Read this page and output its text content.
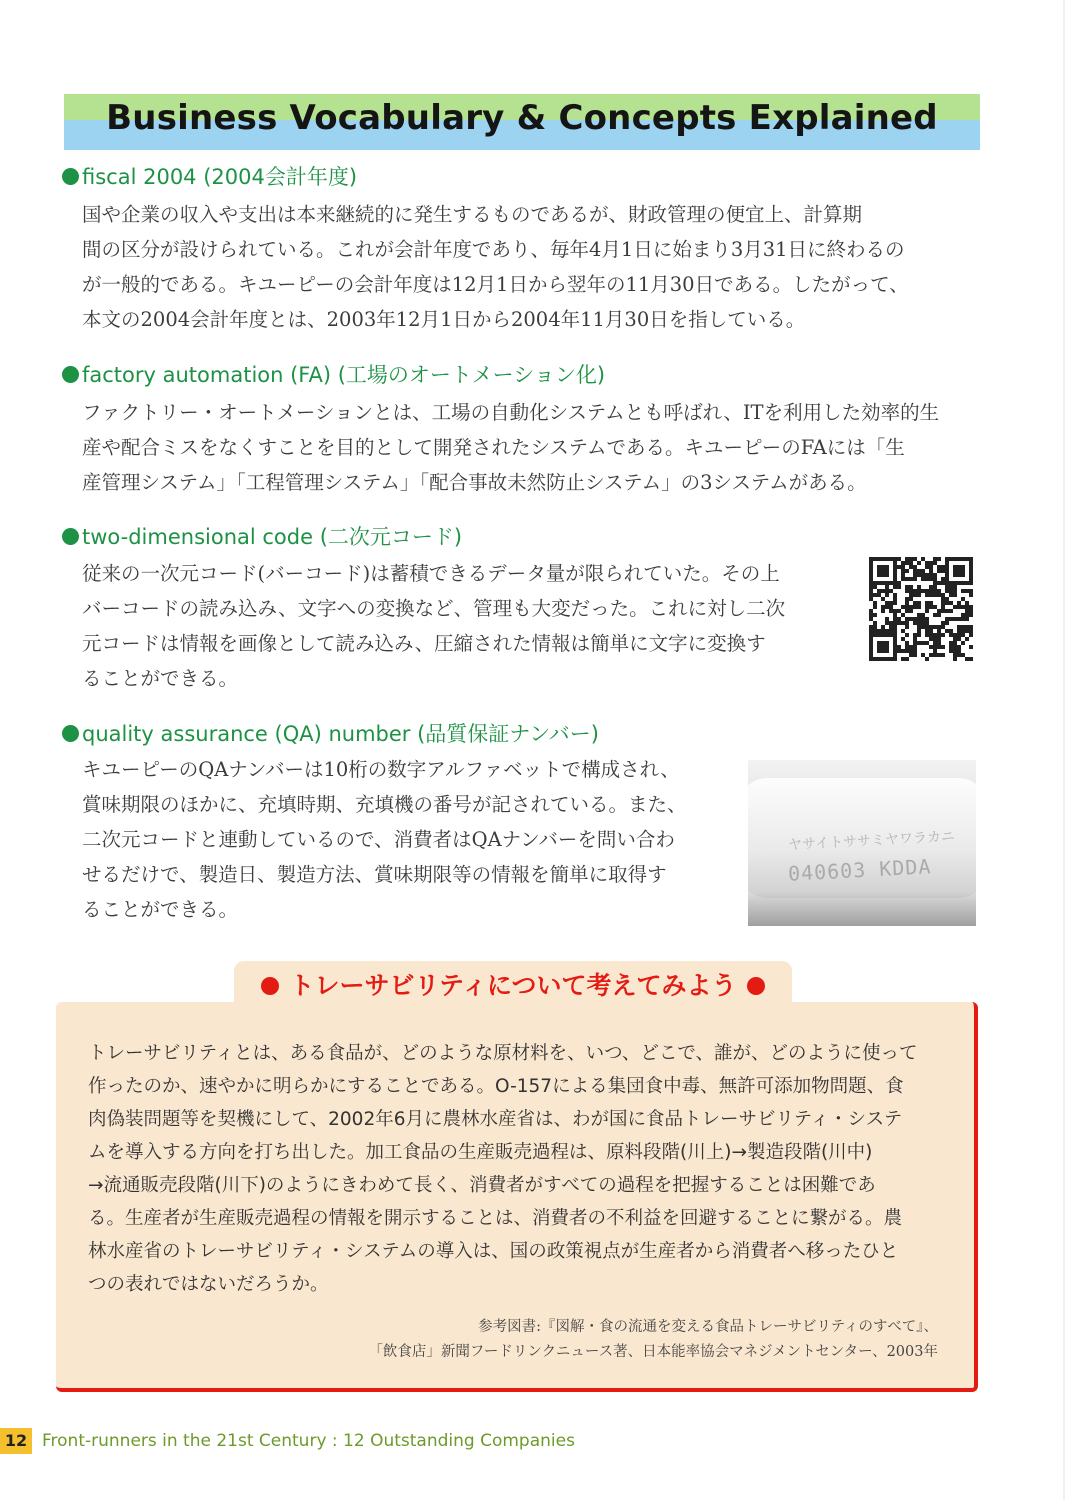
Business Vocabulary & Concepts Explained
fiscal 2004 (2004会計年度)
国や企業の収入や支出は本来継続的に発生するものであるが、財政管理の便宜上、計算期
間の区分が設けられている。これが会計年度であり、毎年4月1日に始まり3月31日に終わるの
が一般的である。キユーピーの会計年度は12月1日から翌年の11月30日である。したがって、
本文の2004会計年度とは、2003年12月1日から2004年11月30日を指している。
factory automation (FA) (工場のオートメーション化)
ファクトリー・オートメーションとは、工場の自動化システムとも呼ばれ、ITを利用した効率的生
産や配合ミスをなくすことを目的として開発されたシステムである。キユーピーのFAには「生
産管理システム」「工程管理システム」「配合事故未然防止システム」の3システムがある。
two-dimensional code (二次元コード)
従来の一次元コード(バーコード)は蓄積できるデータ量が限られていた。その上
バーコードの読み込み、文字への変換など、管理も大変だった。これに対し二次
元コードは情報を画像として読み込み、圧縮された情報は簡単に文字に変換す
ることができる。
quality assurance (QA) number (品質保証ナンバー)
キユーピーのQAナンバーは10桁の数字アルファベットで構成され、
賞味期限のほかに、充填時期、充填機の番号が記されている。また、
二次元コードと連動しているので、消費者はQAナンバーを問い合わ
せるだけで、製造日、製造方法、賞味期限等の情報を簡単に取得す
ることができる。
ヤサイトササミヤワラカニ
040603 KDDA
トレーサビリティについて考えてみよう
トレーサビリティとは、ある食品が、どのような原材料を、いつ、どこで、誰が、どのように使って
作ったのか、速やかに明らかにすることである。O-157による集団食中毒、無許可添加物問題、食
肉偽装問題等を契機にして、2002年6月に農林水産省は、わが国に食品トレーサビリティ・システ
ムを導入する方向を打ち出した。加工食品の生産販売過程は、原料段階(川上)→製造段階(川中)
→流通販売段階(川下)のようにきわめて長く、消費者がすべての過程を把握することは困難であ
る。生産者が生産販売過程の情報を開示することは、消費者の不利益を回避することに繋がる。農
林水産省のトレーサビリティ・システムの導入は、国の政策視点が生産者から消費者へ移ったひと
つの表れではないだろうか。
参考図書:『図解・食の流通を変える食品トレーサビリティのすべて』、
「飲食店」新聞フードリンクニュース著、日本能率協会マネジメントセンター、2003年
12 Front-runners in the 21st Century : 12 Outstanding Companies
